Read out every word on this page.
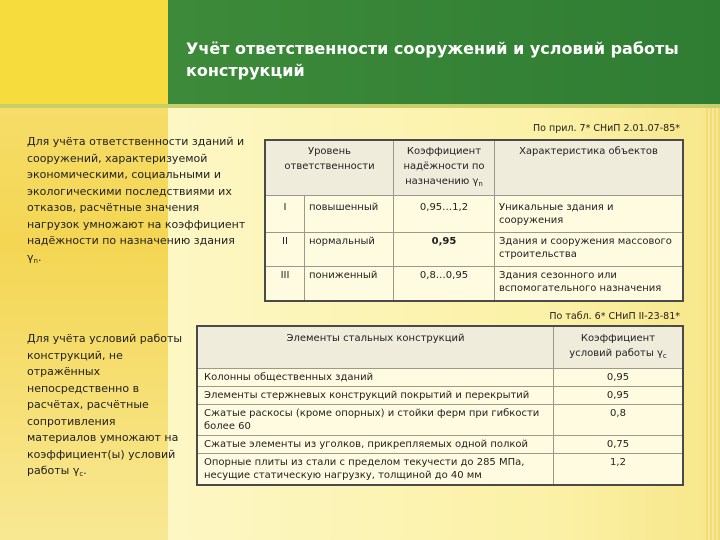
Учёт ответственности сооружений и условий работы конструкций
Для учёта ответственности зданий и сооружений, характеризуемой экономическими, социальными и экологическими последствиями их отказов, расчётные значения нагрузок умножают на коэффициент надёжности по назначению здания $\gamma_n$.
По прил. 7* СНиП 2.01.07-85*
Уровень ответственности		Коэффициент надёжности по назначению $\gamma_n$	Характеристика объектов
I	повышенный	0,95…1,2	Уникальные здания и сооружения
II	нормальный	0,95	Здания и сооружения массового строительства
III	пониженный	0,8…0,95	Здания сезонного или вспомогательного назначения
Для учёта условий работы конструкций, не отражённых непосредственно в расчётах, расчётные сопротивления материалов умножают на коэффициент(ы) условий работы $\gamma_c$.
По табл. 6* СНиП II-23-81*
Элементы стальных конструкций	Коэффициент условий работы $\gamma_c$
Колонны общественных зданий	0,95
Элементы стержневых конструкций покрытий и перекрытий	0,95
Сжатые раскосы (кроме опорных) и стойки ферм при гибкости более 60	0,8
Сжатые элементы из уголков, прикрепляемых одной полкой	0,75
Опорные плиты из стали с пределом текучести до 285 МПа, несущие статическую нагрузку, толщиной до 40 мм	1,2
